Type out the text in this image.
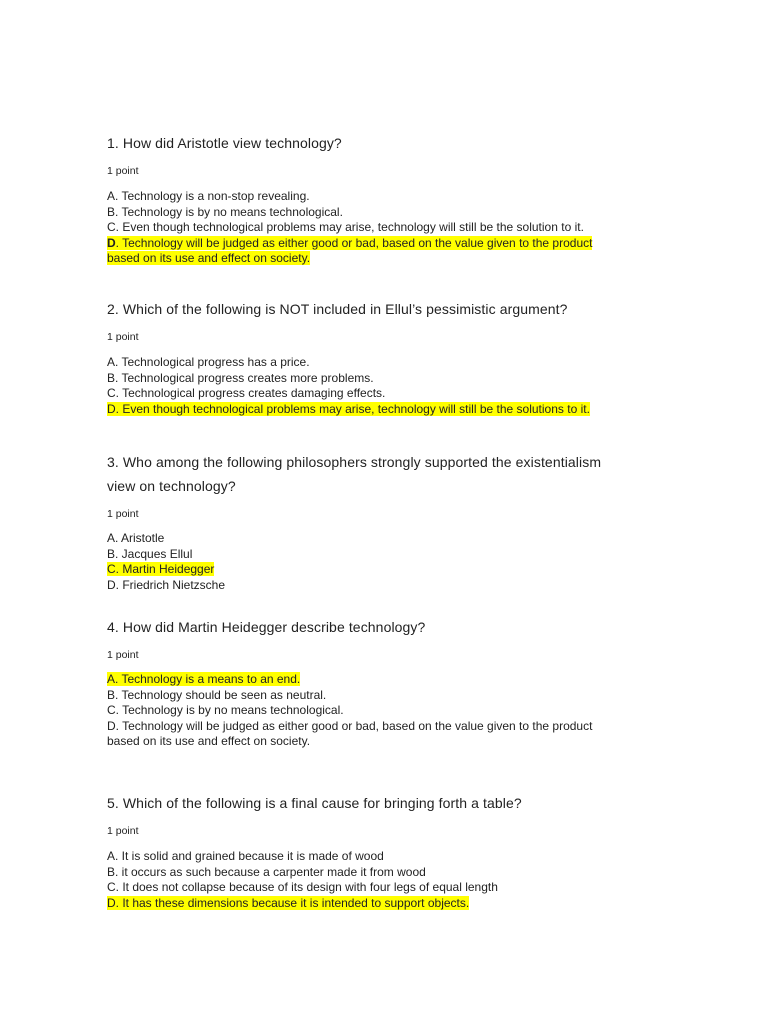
1. How did Aristotle view technology?

1 point

A. Technology is a non-stop revealing.
B. Technology is by no means technological.
C. Even though technological problems may arise, technology will still be the solution to it.
D. Technology will be judged as either good or bad, based on the value given to the product
based on its use and effect on society.

2. Which of the following is NOT included in Ellul’s pessimistic argument?

1 point

A. Technological progress has a price.
B. Technological progress creates more problems.
C. Technological progress creates damaging effects.
D. Even though technological problems may arise, technology will still be the solutions to it.

3. Who among the following philosophers strongly supported the existentialism

view on technology?

1 point

A. Aristotle
B. Jacques Ellul
C. Martin Heidegger
D. Friedrich Nietzsche

4. How did Martin Heidegger describe technology?

1 point

A. Technology is a means to an end.
B. Technology should be seen as neutral.
C. Technology is by no means technological.
D. Technology will be judged as either good or bad, based on the value given to the product
based on its use and effect on society.

5. Which of the following is a final cause for bringing forth a table?

1 point

A. It is solid and grained because it is made of wood
B. it occurs as such because a carpenter made it from wood
C. It does not collapse because of its design with four legs of equal length
D. It has these dimensions because it is intended to support objects.
